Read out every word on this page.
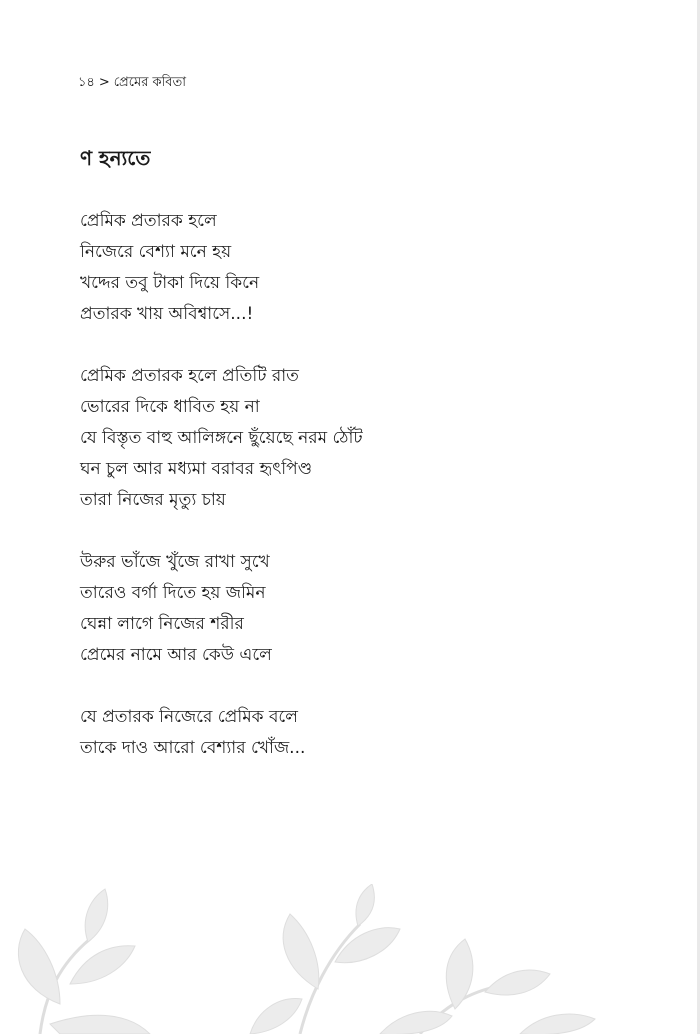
১৪ > প্রেমের কবিতা
ণ হন্যতে
প্রেমিক প্রতারক হলে
নিজেরে বেশ্যা মনে হয়
খদ্দের তবু টাকা দিয়ে কিনে
প্রতারক খায় অবিশ্বাসে...!
প্রেমিক প্রতারক হলে প্রতিটি রাত
ভোরের দিকে ধাবিত হয় না
যে বিস্তৃত বাহু আলিঙ্গনে ছুঁয়েছে নরম ঠোঁট
ঘন চুল আর মধ্যমা বরাবর হৃৎপিণ্ড
তারা নিজের মৃত্যু চায়
উরুর ভাঁজে খুঁজে রাখা সুখে
তারেও বর্গা দিতে হয় জমিন
ঘেন্না লাগে নিজের শরীর
প্রেমের নামে আর কেউ এলে
যে প্রতারক নিজেরে প্রেমিক বলে
তাকে দাও আরো বেশ্যার খোঁজ...
